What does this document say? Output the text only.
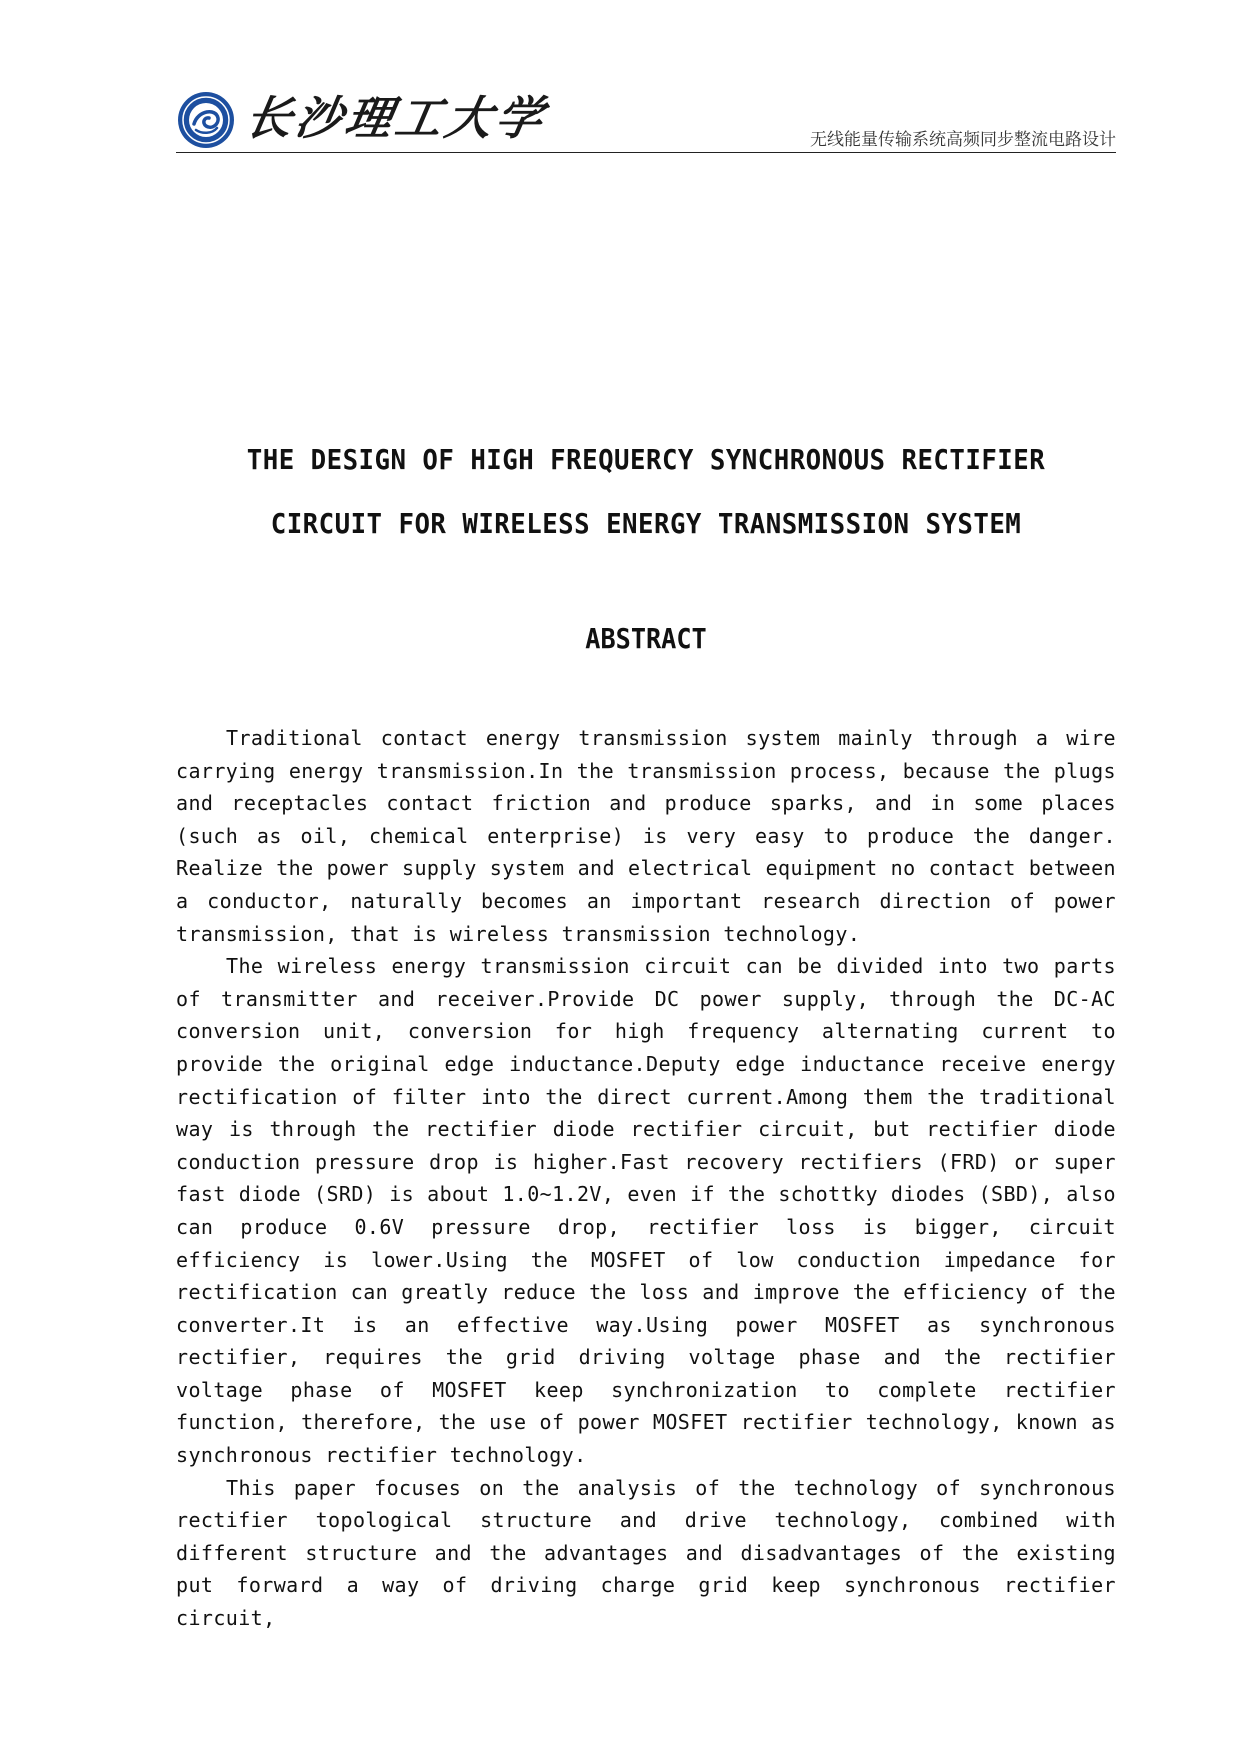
长沙理工大学	无线能量传输系统高频同步整流电路设计
THE DESIGN OF HIGH FREQUERCY SYNCHRONOUS RECTIFIER
CIRCUIT FOR WIRELESS ENERGY TRANSMISSION SYSTEM
ABSTRACT

Traditional contact energy transmission system mainly through a wire carrying energy transmission.In the transmission process, because the plugs and receptacles contact friction and produce sparks, and in some places (such as oil, chemical enterprise) is very easy to produce the danger. Realize the power supply system and electrical equipment no contact between a conductor, naturally becomes an important research direction of power transmission, that is wireless transmission technology.

The wireless energy transmission circuit can be divided into two parts of transmitter and receiver.Provide DC power supply, through the DC-AC conversion unit, conversion for high frequency alternating current to provide the original edge inductance.Deputy edge inductance receive energy rectification of filter into the direct current.Among them the traditional way is through the rectifier diode rectifier circuit, but rectifier diode conduction pressure drop is higher.Fast recovery rectifiers (FRD) or super fast diode (SRD) is about 1.0~1.2V, even if the schottky diodes (SBD), also can produce 0.6V pressure drop, rectifier loss is bigger, circuit efficiency is lower.Using the MOSFET of low conduction impedance for rectification can greatly reduce the loss and improve the efficiency of the converter.It is an effective way.Using power MOSFET as synchronous rectifier, requires the grid driving voltage phase and the rectifier voltage phase of MOSFET keep synchronization to complete rectifier function, therefore, the use of power MOSFET rectifier technology, known as synchronous rectifier technology.

This paper focuses on the analysis of the technology of synchronous rectifier topological structure and drive technology, combined with different structure and the advantages and disadvantages of the existing put forward a way of driving charge grid keep synchronous rectifier circuit,
